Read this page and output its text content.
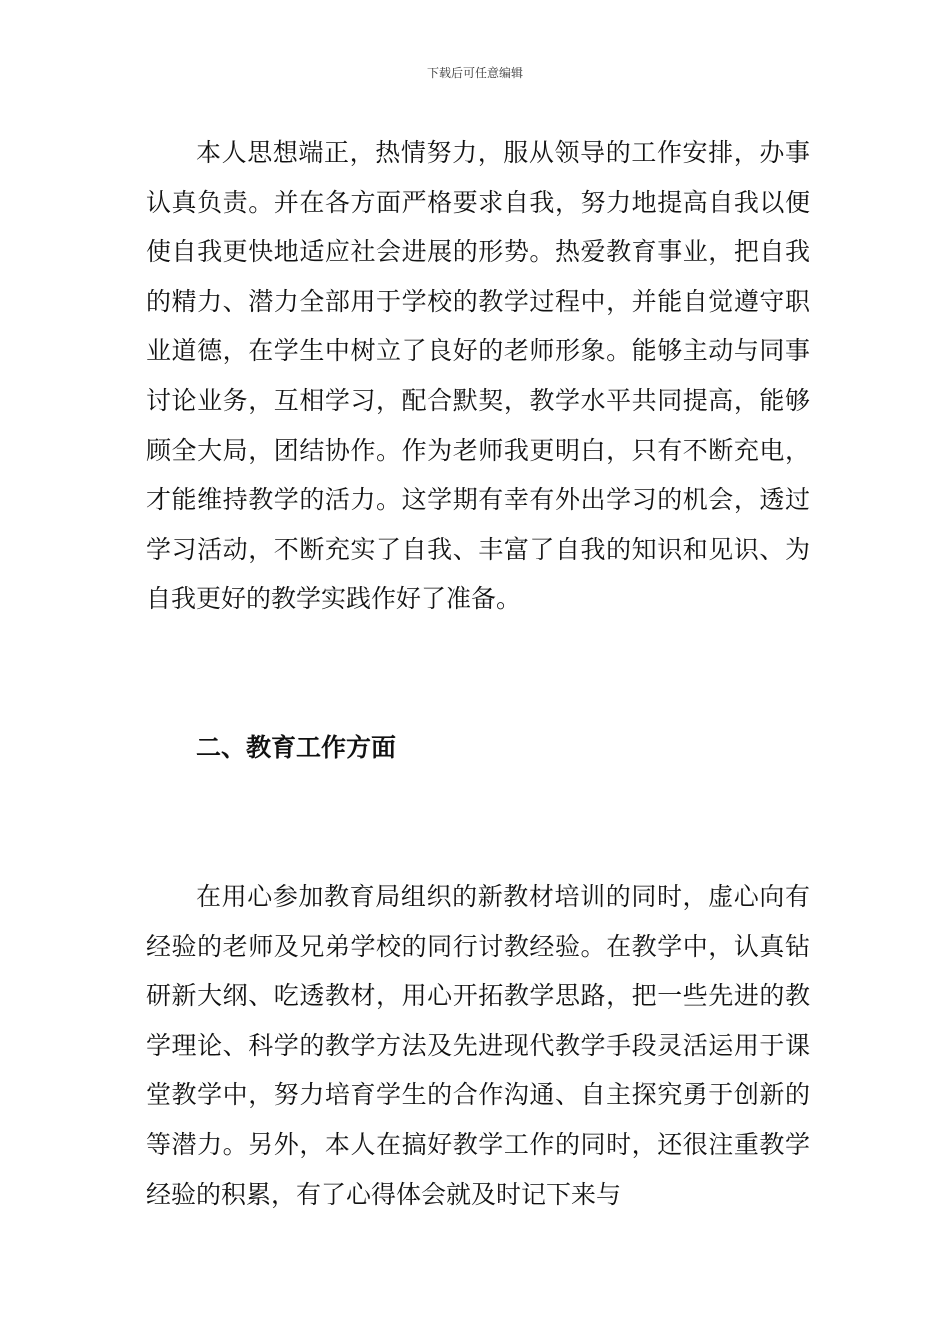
下载后可任意编辑

本人思想端正，热情努力，服从领导的工作安排，办事认真负责。并在各方面严格要求自我，努力地提高自我以便使自我更快地适应社会进展的形势。热爱教育事业，把自我的精力、潜力全部用于学校的教学过程中，并能自觉遵守职业道德，在学生中树立了良好的老师形象。能够主动与同事讨论业务，互相学习，配合默契，教学水平共同提高，能够顾全大局，团结协作。作为老师我更明白，只有不断充电，才能维持教学的活力。这学期有幸有外出学习的机会，透过学习活动，不断充实了自我、丰富了自我的知识和见识、为自我更好的教学实践作好了准备。

二、教育工作方面

在用心参加教育局组织的新教材培训的同时，虚心向有经验的老师及兄弟学校的同行讨教经验。在教学中，认真钻研新大纲、吃透教材，用心开拓教学思路，把一些先进的教学理论、科学的教学方法及先进现代教学手段灵活运用于课堂教学中，努力培育学生的合作沟通、自主探究勇于创新的等潜力。另外，本人在搞好教学工作的同时，还很注重教学经验的积累，有了心得体会就及时记下来与
